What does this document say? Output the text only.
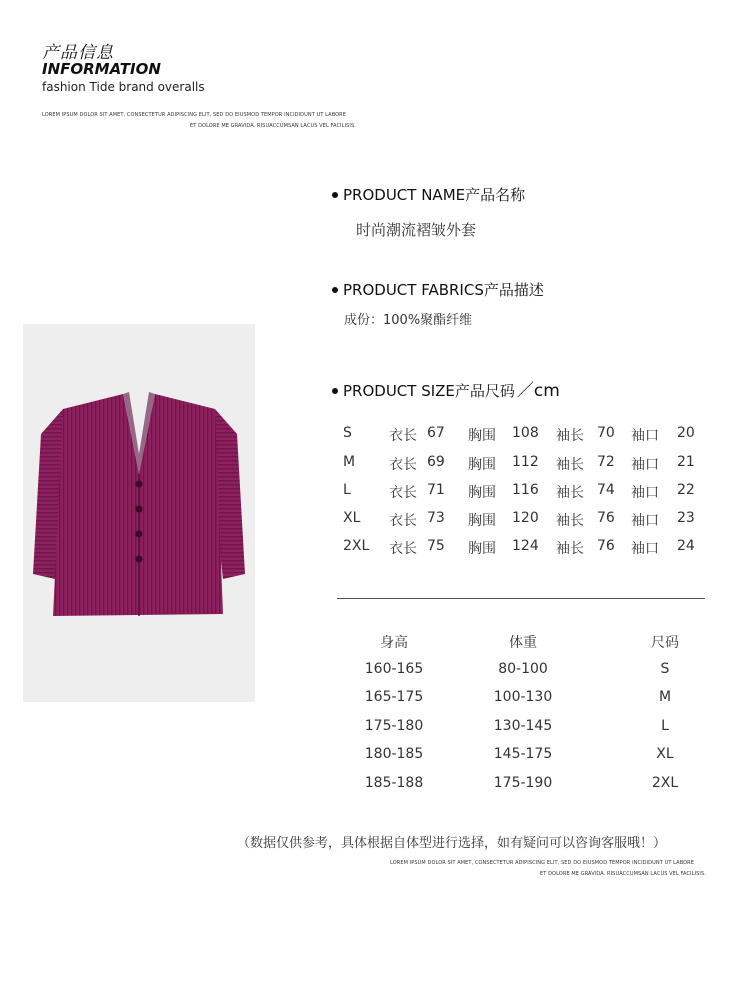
产品信息
INFORMATION
fashion Tide brand overalls
LOREM IPSUM DOLOR SIT AMET, CONSECTETUR ADIPISCING ELIT, SED DO EIUSMOD TEMPOR INCIDIDUNT UT LABORE
ET DOLORE ME GRAVIDA. RISUACCUMSAN LACUS VEL FACILISIS.
PRODUCT NAME产品名称
时尚潮流褶皱外套
PRODUCT FABRICS产品描述
成份：100%聚酯纤维
PRODUCT SIZE产品尺码 ／cm
S	衣长 67 胸围 108 袖长 70 袖口 20
M 衣长 69 胸围 112 袖长 72 袖口 21
L	衣长 71 胸围 116 袖长 74 袖口 22
XL 衣长 73 胸围 120 袖长 76 袖口 23
2XL 衣长 75 胸围 124 袖长 76 袖口 24
身高	体重	尺码
160-165	80-100	S
165-175	100-130	M
175-180	130-145	L
180-185	145-175	XL
185-188	175-190	2XL
（数据仅供参考，具体根据自体型进行选择，如有疑问可以咨询客服哦！）
LOREM IPSUM DOLOR SIT AMET, CONSECTETUR ADIPISCING ELIT, SED DO EIUSMOD TEMPOR INCIDIDUNT UT LABORE
ET DOLORE ME GRAVIDA. RISUACCUMSAN LACUS VEL FACILISIS.
